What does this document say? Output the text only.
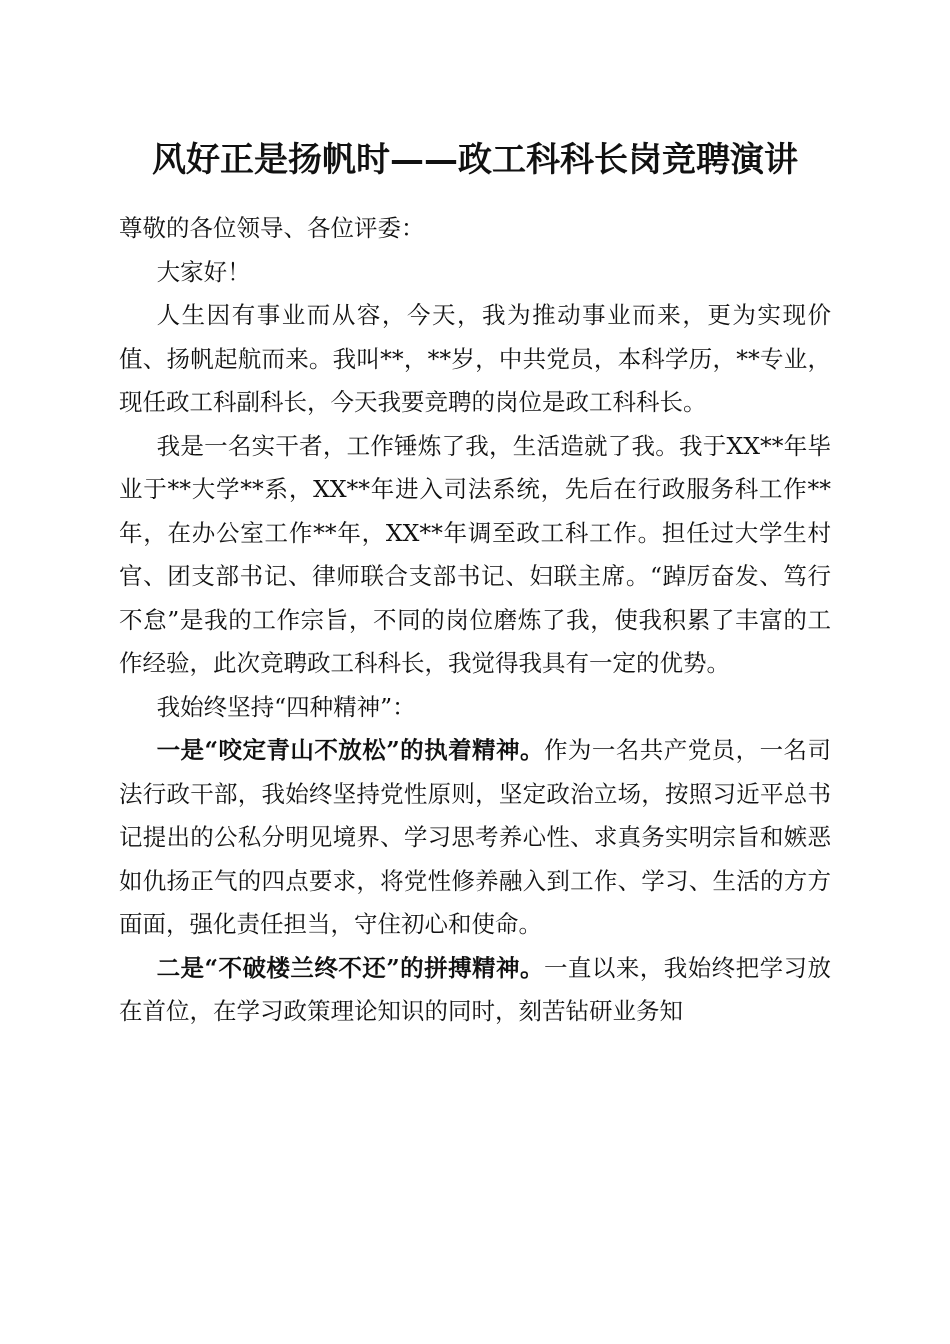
风好正是扬帆时——政工科科长岗竞聘演讲

尊敬的各位领导、各位评委：

大家好！

人生因有事业而从容，今天，我为推动事业而来，更为实现价值、扬帆起航而来。我叫**，**岁，中共党员，本科学历，**专业，现任政工科副科长，今天我要竞聘的岗位是政工科科长。

我是一名实干者，工作锤炼了我，生活造就了我。我于XX**年毕业于**大学**系，XX**年进入司法系统，先后在行政服务科工作**年，在办公室工作**年，XX**年调至政工科工作。担任过大学生村官、团支部书记、律师联合支部书记、妇联主席。“踔厉奋发、笃行不怠”是我的工作宗旨，不同的岗位磨炼了我，使我积累了丰富的工作经验，此次竞聘政工科科长，我觉得我具有一定的优势。

我始终坚持“四种精神”：

一是“咬定青山不放松”的执着精神。作为一名共产党员，一名司法行政干部，我始终坚持党性原则，坚定政治立场，按照习近平总书记提出的公私分明见境界、学习思考养心性、求真务实明宗旨和嫉恶如仇扬正气的四点要求，将党性修养融入到工作、学习、生活的方方面面，强化责任担当，守住初心和使命。

二是“不破楼兰终不还”的拼搏精神。一直以来，我始终把学习放在首位，在学习政策理论知识的同时，刻苦钻研业务知
